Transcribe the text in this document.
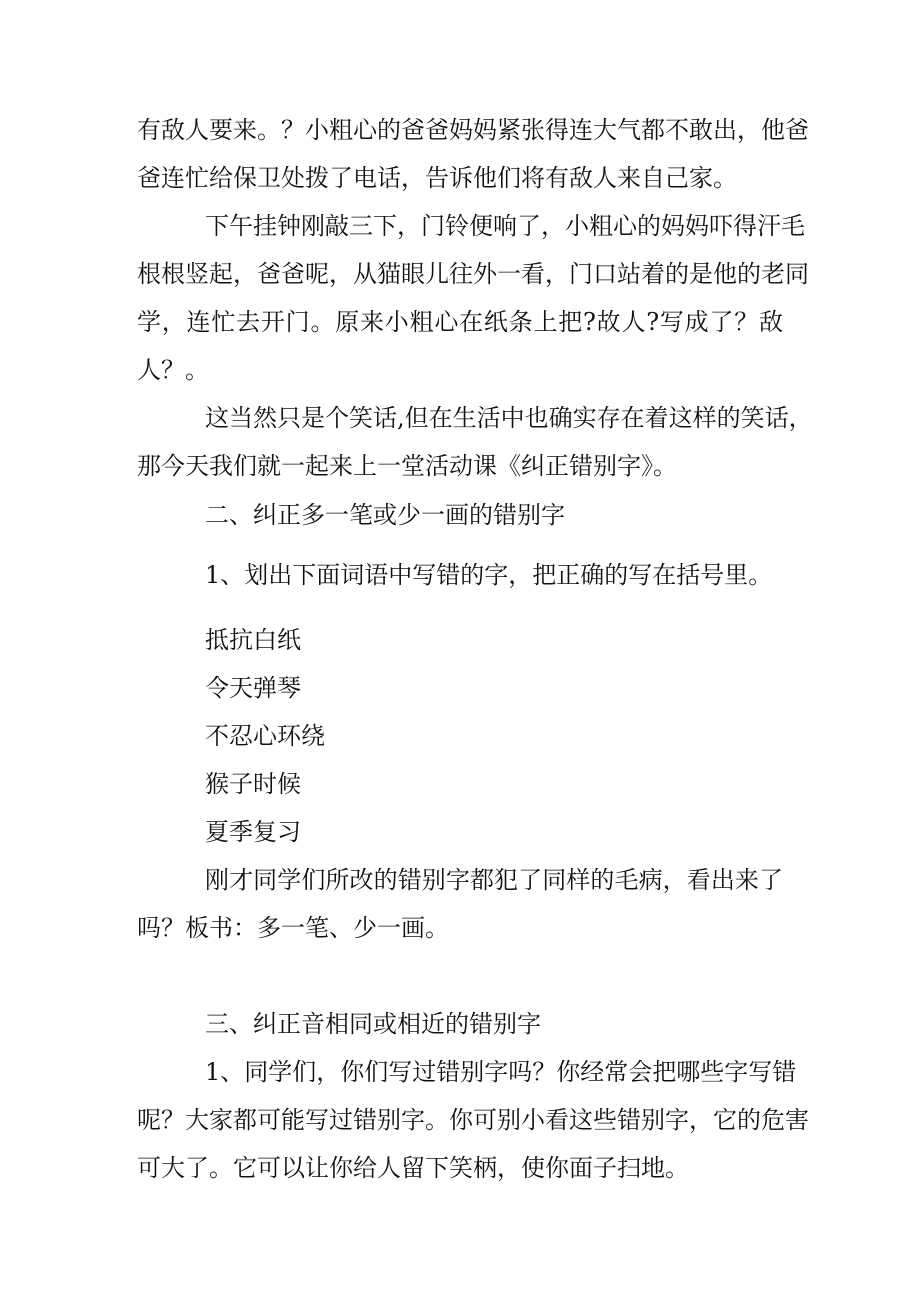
有敌人要来。？小粗心的爸爸妈妈紧张得连大气都不敢出，他爸
爸连忙给保卫处拨了电话，告诉他们将有敌人来自己家。
下午挂钟刚敲三下，门铃便响了，小粗心的妈妈吓得汗毛
根根竖起，爸爸呢，从猫眼儿往外一看，门口站着的是他的老同
学，连忙去开门。原来小粗心在纸条上把?故人?写成了？敌
人？。
这当然只是个笑话,但在生活中也确实存在着这样的笑话，
那今天我们就一起来上一堂活动课《纠正错别字》。
二、纠正多一笔或少一画的错别字
1、划出下面词语中写错的字，把正确的写在括号里。
抵抗白纸
令天弹琴
不忍心环绕
猴子时候
夏季复习
刚才同学们所改的错别字都犯了同样的毛病，看出来了
吗？板书：多一笔、少一画。
三、纠正音相同或相近的错别字
1、同学们，你们写过错别字吗？你经常会把哪些字写错
呢？大家都可能写过错别字。你可别小看这些错别字，它的危害
可大了。它可以让你给人留下笑柄，使你面子扫地。
